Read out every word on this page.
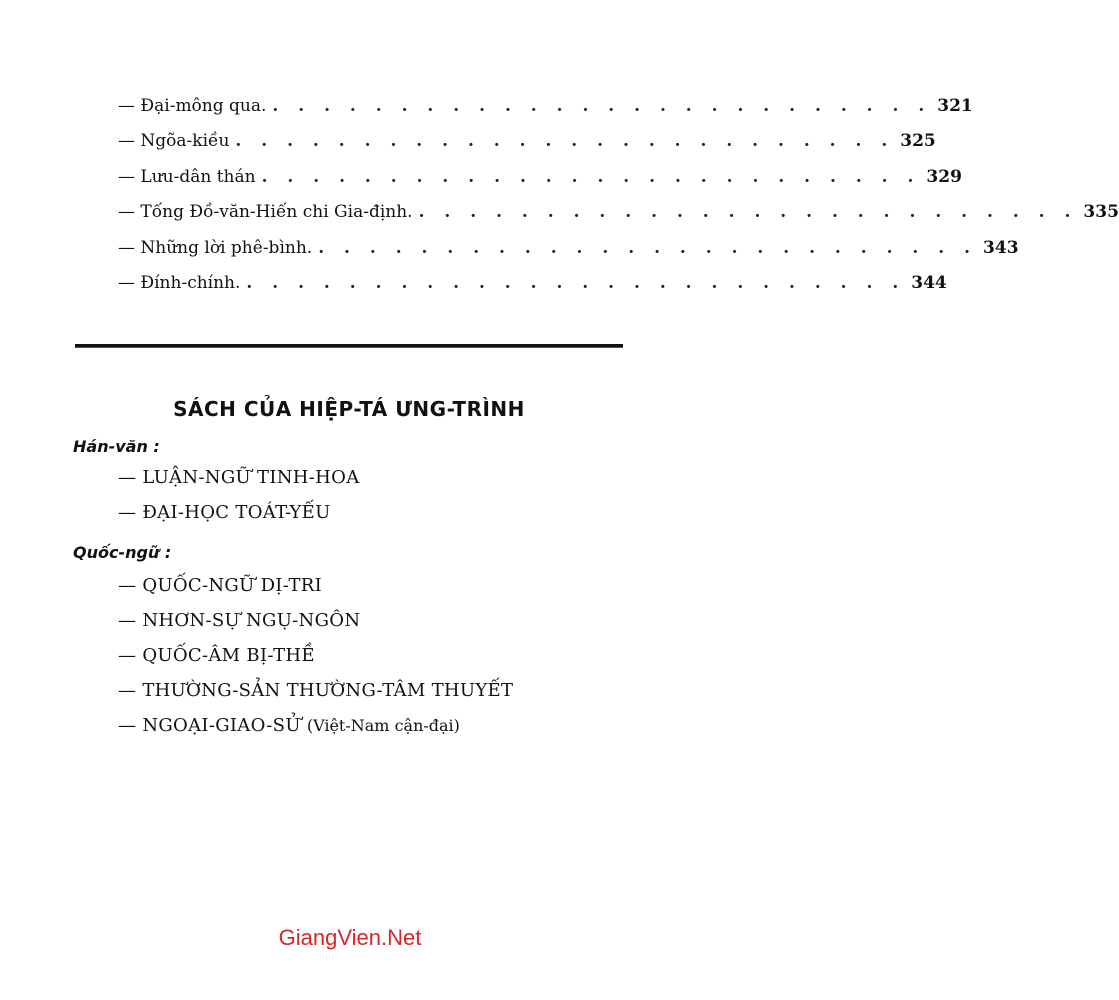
— Đại-mông qua. . . . . . . . . . . . . . . . . . . . . . . . . . . 321
— Ngõa-kiều . . . . . . . . . . . . . . . . . . . . . . . . . . 325
— Lưu-dân thán . . . . . . . . . . . . . . . . . . . . . . . . . . 329
— Tống Đồ-văn-Hiến chi Gia-định. . . . . . . . . . . . . . . . . . . . . . . . . . . 335
— Những lời phê-bình. . . . . . . . . . . . . . . . . . . . . . . . . . . 343
— Đính-chính. . . . . . . . . . . . . . . . . . . . . . . . . . . 344
SÁCH CỦA HIỆP-TÁ ƯNG-TRÌNH
Hán-văn :
— LUẬN-NGỮ TINH-HOA
— ĐẠI-HỌC TOÁT-YẾU
Quốc-ngữ :
— QUỐC-NGỮ DỊ-TRI
— NHƠN-SỰ NGỤ-NGÔN
— QUỐC-ÂM BỊ-THỀ
— THƯỜNG-SẢN THƯỜNG-TÂM THUYẾT
— NGOẠI-GIAO-SỬ (Việt-Nam cận-đại)
GiangVien.Net
